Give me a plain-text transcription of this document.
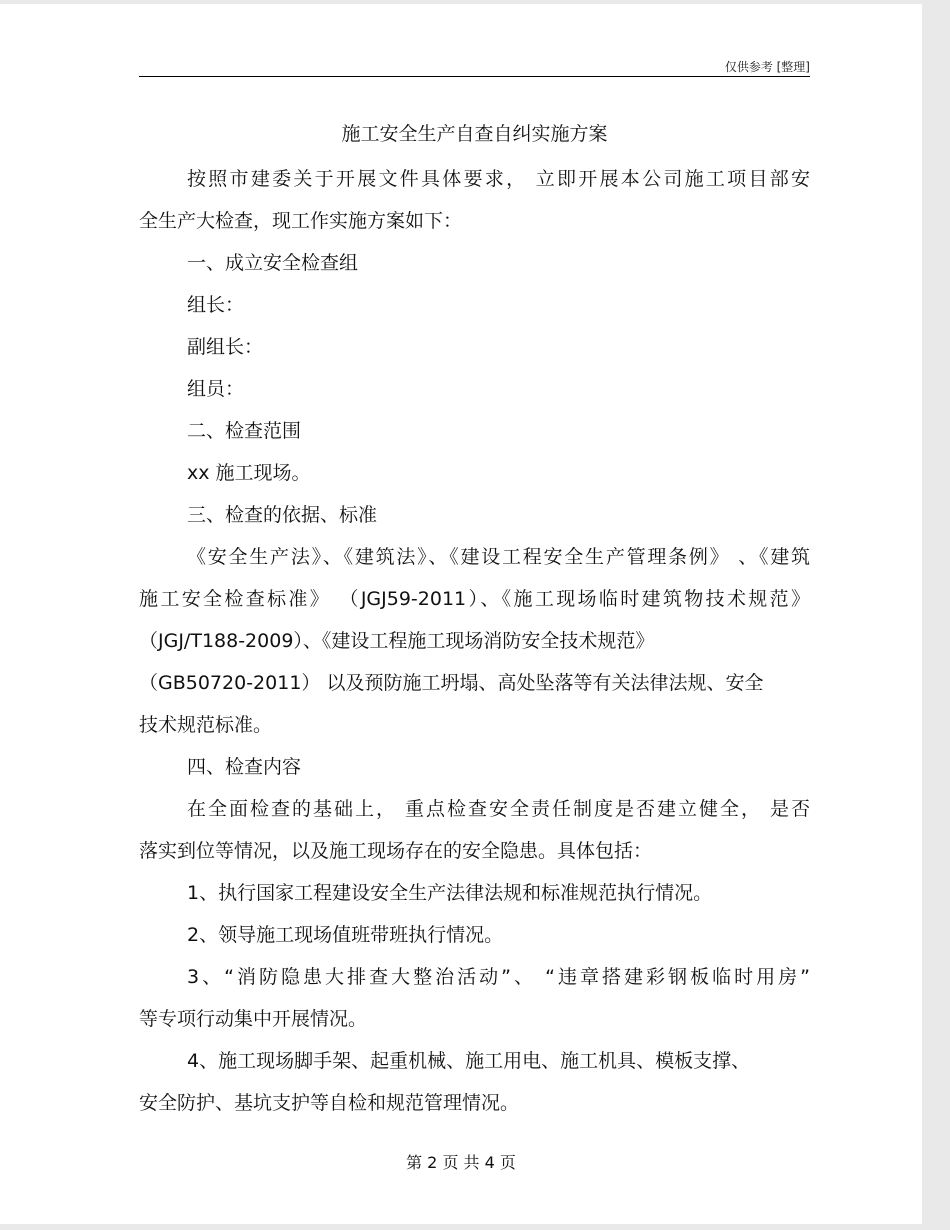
仅供参考 [整理]
施工安全生产自查自纠实施方案
按照市建委关于开展文件具体要求， 立即开展本公司施工项目部安
全生产大检查，现工作实施方案如下：
一、成立安全检查组
组长：
副组长：
组员：
二、检查范围
xx 施工现场。
三、检查的依据、标准
《安全生产法》、《建筑法》、《建设工程安全生产管理条例》 、《建筑
施工安全检查标准》 （JGJ59-2011）、《施工现场临时建筑物技术规范》
（JGJ/T188-2009）、《建设工程施工现场消防安全技术规范》
（GB50720-2011） 以及预防施工坍塌、高处坠落等有关法律法规、安全
技术规范标准。
四、检查内容
在全面检查的基础上， 重点检查安全责任制度是否建立健全， 是否
落实到位等情况，以及施工现场存在的安全隐患。具体包括：
1、执行国家工程建设安全生产法律法规和标准规范执行情况。
2、领导施工现场值班带班执行情况。
3、“消防隐患大排查大整治活动”、 “违章搭建彩钢板临时用房”
等专项行动集中开展情况。
4、施工现场脚手架、起重机械、施工用电、施工机具、模板支撑、
安全防护、基坑支护等自检和规范管理情况。
第 2 页 共 4 页
